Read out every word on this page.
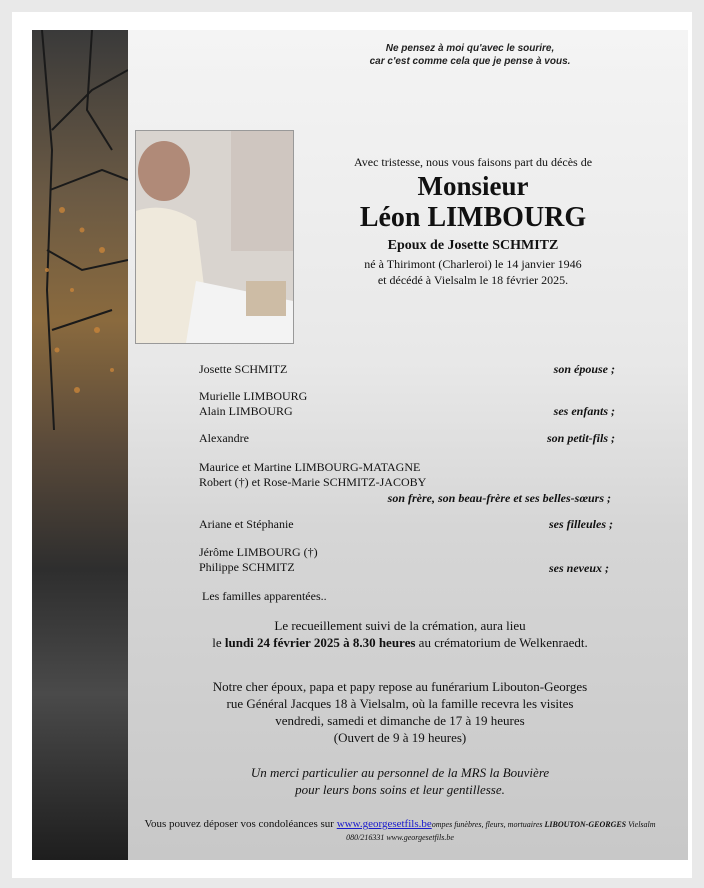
Ne pensez à moi qu'avec le sourire,
car c'est comme cela que je pense à vous.
Avec tristesse, nous vous faisons part du décès de
Monsieur
Léon LIMBOURG
Epoux de Josette SCHMITZ
né à Thirimont (Charleroi) le 14 janvier 1946
et décédé à Vielsalm le 18 février 2025.
Josette SCHMITZ	son épouse ;
Murielle LIMBOURG
Alain LIMBOURG	ses enfants ;
Alexandre	son petit-fils ;
Maurice et Martine LIMBOURG-MATAGNE
Robert (†) et Rose-Marie SCHMITZ-JACOBY
son frère, son beau-frère et ses belles-sœurs ;
Ariane et Stéphanie	ses filleules ;
Jérôme LIMBOURG (†)
Philippe SCHMITZ	ses neveux ;
Les familles apparentées..
Le recueillement suivi de la crémation, aura lieu
le lundi 24 février 2025 à 8.30 heures au crématorium de Welkenraedt.
Notre cher époux, papa et papy repose au funérarium Libouton-Georges
rue Général Jacques 18 à Vielsalm, où la famille recevra les visites
vendredi, samedi et dimanche de 17 à 19 heures
(Ouvert de 9 à 19 heures)
Un merci particulier au personnel de la MRS la Bouvière
pour leurs bons soins et leur gentillesse.
Vous pouvez déposer vos condoléances sur www.georgesetfils.beompes funèbres, fleurs, mortuaires LIBOUTON-GEORGES Vielsalm 080/216331 www.georgesetfils.be
